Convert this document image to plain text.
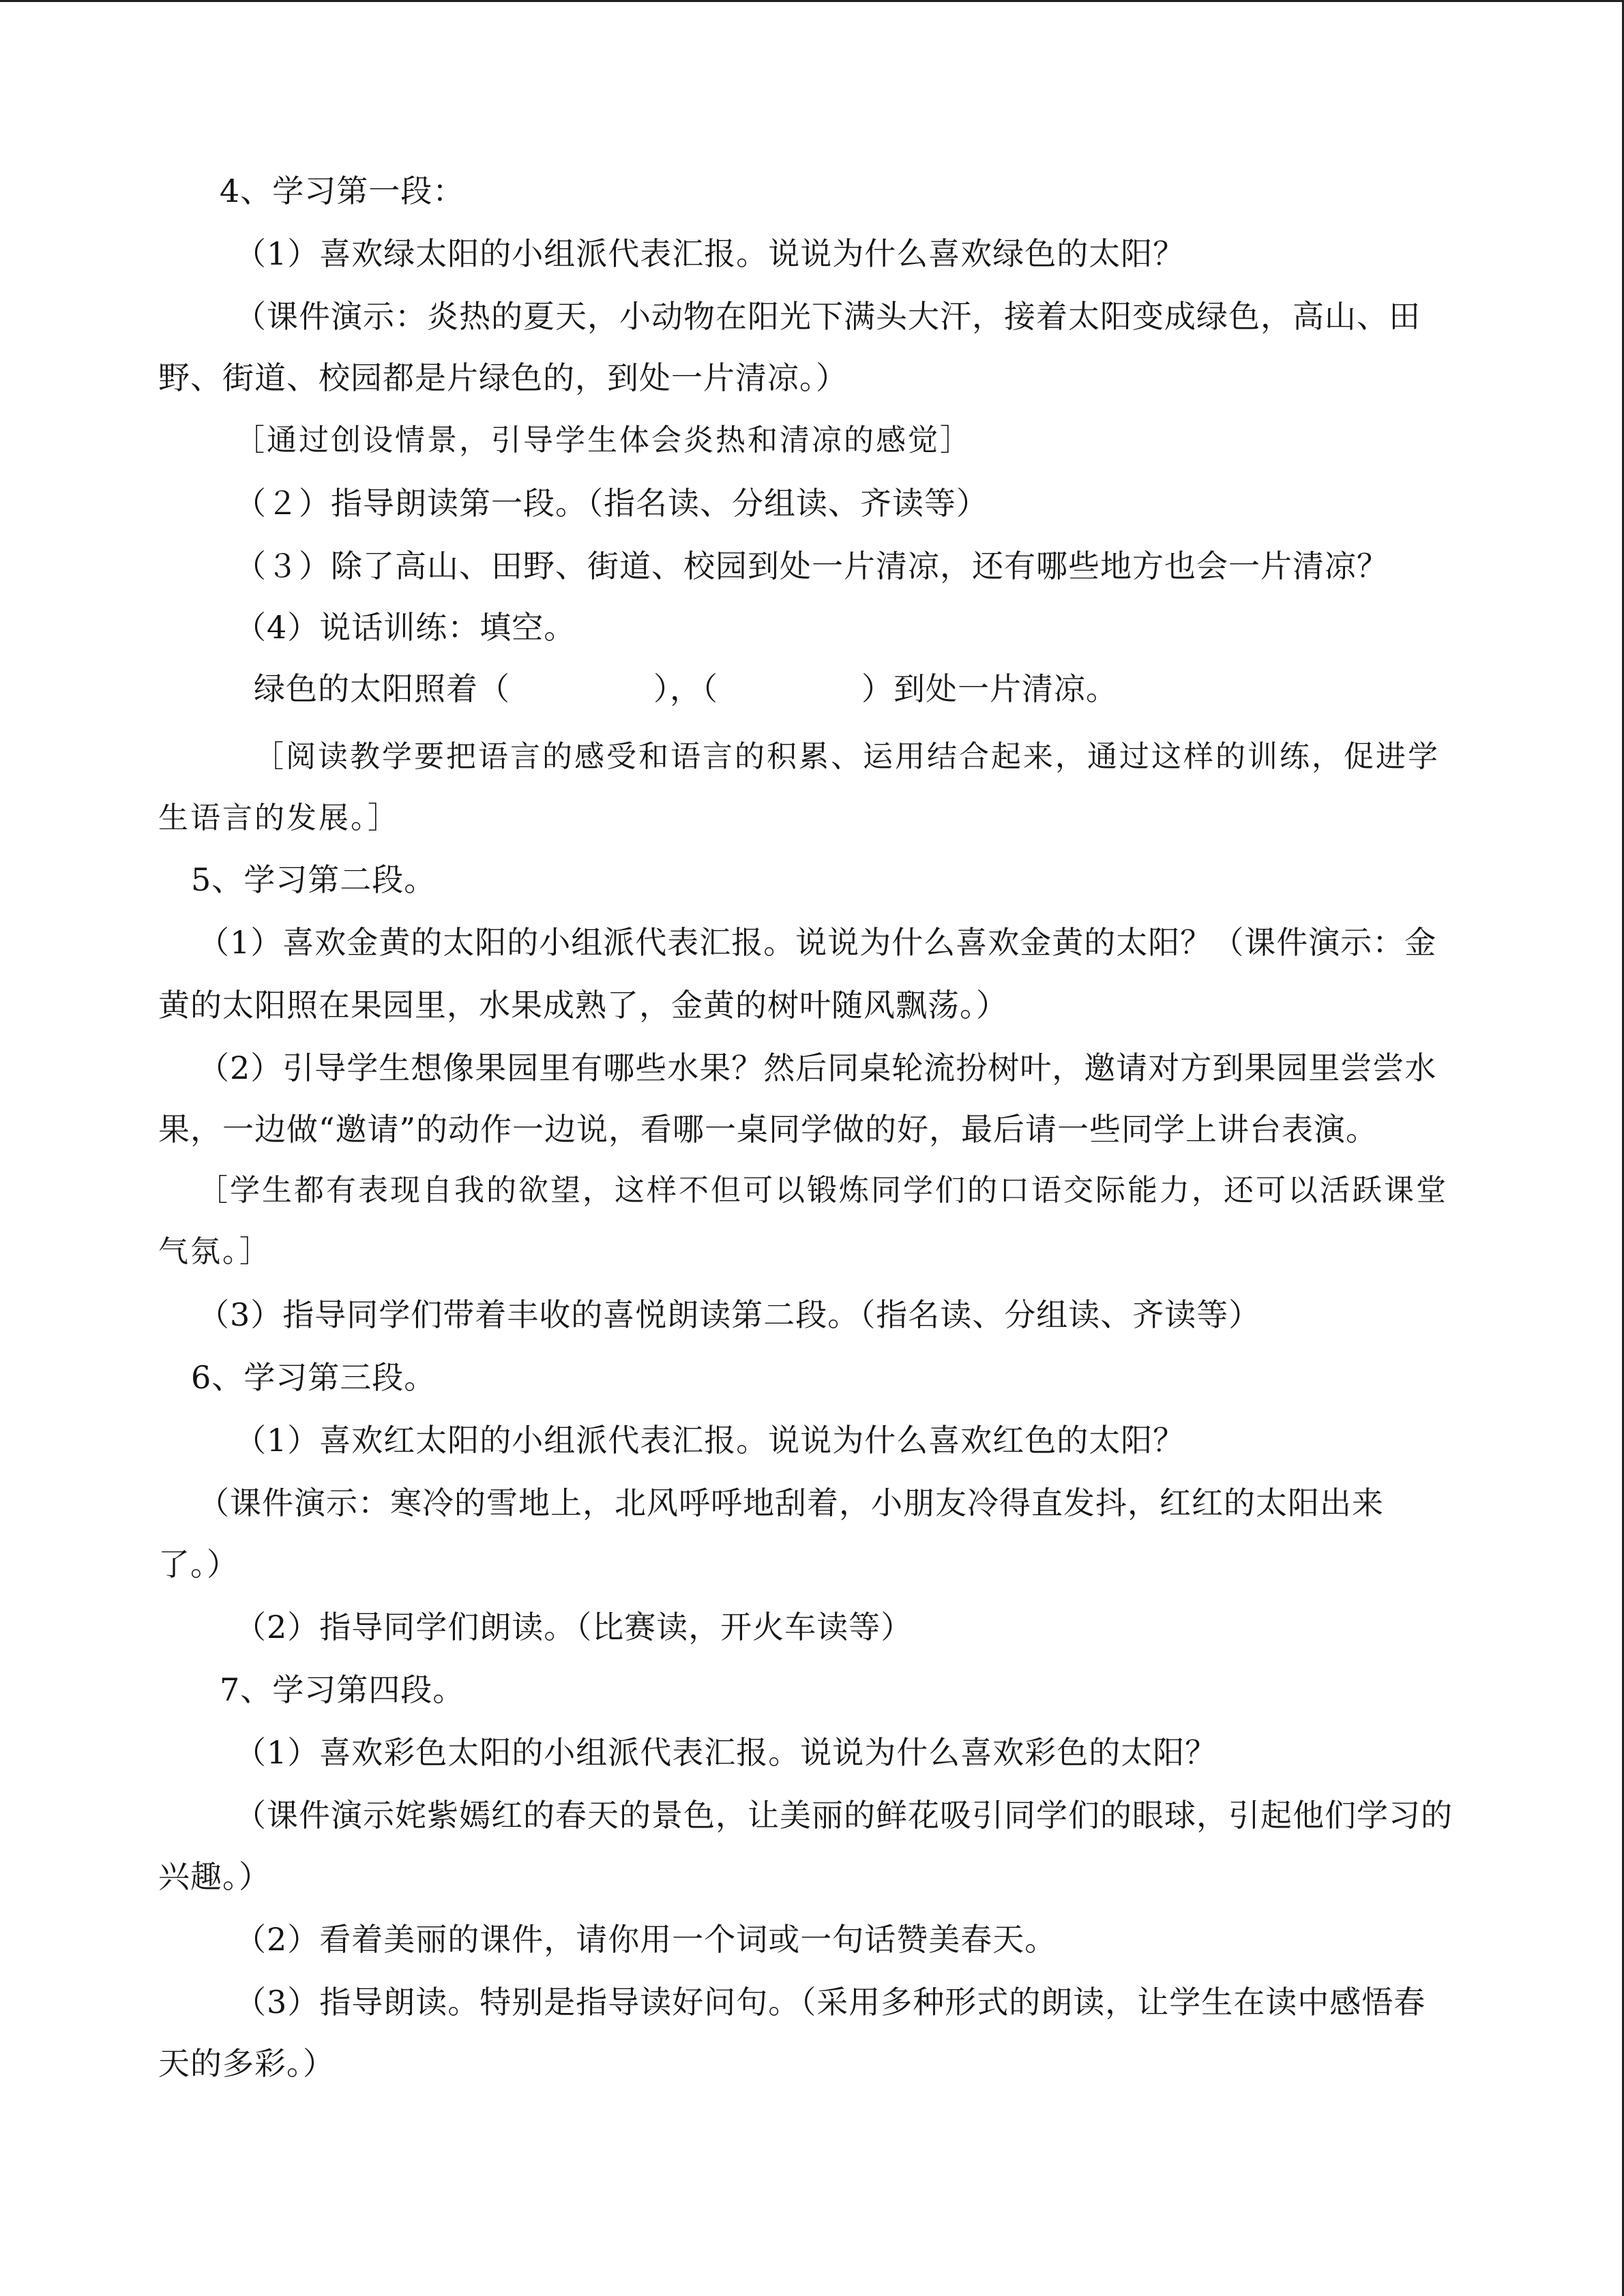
4、学习第一段：
（1）喜欢绿太阳的小组派代表汇报。说说为什么喜欢绿色的太阳？
（课件演示：炎热的夏天，小动物在阳光下满头大汗，接着太阳变成绿色，高山、田
野、街道、校园都是片绿色的，到处一片清凉。）
［通过创设情景，引导学生体会炎热和清凉的感觉］
（２）指导朗读第一段。（指名读、分组读、齐读等）
（３）除了高山、田野、街道、校园到处一片清凉，还有哪些地方也会一片清凉？
（4）说话训练：填空。
绿色的太阳照着（	），（	）到处一片清凉。
［阅读教学要把语言的感受和语言的积累、运用结合起来，通过这样的训练，促进学
生语言的发展。］
5、学习第二段。
（1）喜欢金黄的太阳的小组派代表汇报。说说为什么喜欢金黄的太阳？（课件演示：金
黄的太阳照在果园里，水果成熟了，金黄的树叶随风飘荡。）
（2）引导学生想像果园里有哪些水果？然后同桌轮流扮树叶，邀请对方到果园里尝尝水
果，一边做“邀请”的动作一边说，看哪一桌同学做的好，最后请一些同学上讲台表演。
［学生都有表现自我的欲望，这样不但可以锻炼同学们的口语交际能力，还可以活跃课堂
气氛。］
（3）指导同学们带着丰收的喜悦朗读第二段。（指名读、分组读、齐读等）
6、学习第三段。
（1）喜欢红太阳的小组派代表汇报。说说为什么喜欢红色的太阳？
（课件演示：寒冷的雪地上，北风呼呼地刮着，小朋友冷得直发抖，红红的太阳出来
了。）
（2）指导同学们朗读。（比赛读，开火车读等）
7、学习第四段。
（1）喜欢彩色太阳的小组派代表汇报。说说为什么喜欢彩色的太阳？
（课件演示姹紫嫣红的春天的景色，让美丽的鲜花吸引同学们的眼球，引起他们学习的
兴趣。）
（2）看着美丽的课件，请你用一个词或一句话赞美春天。
（3）指导朗读。特别是指导读好问句。（采用多种形式的朗读，让学生在读中感悟春
天的多彩。）
